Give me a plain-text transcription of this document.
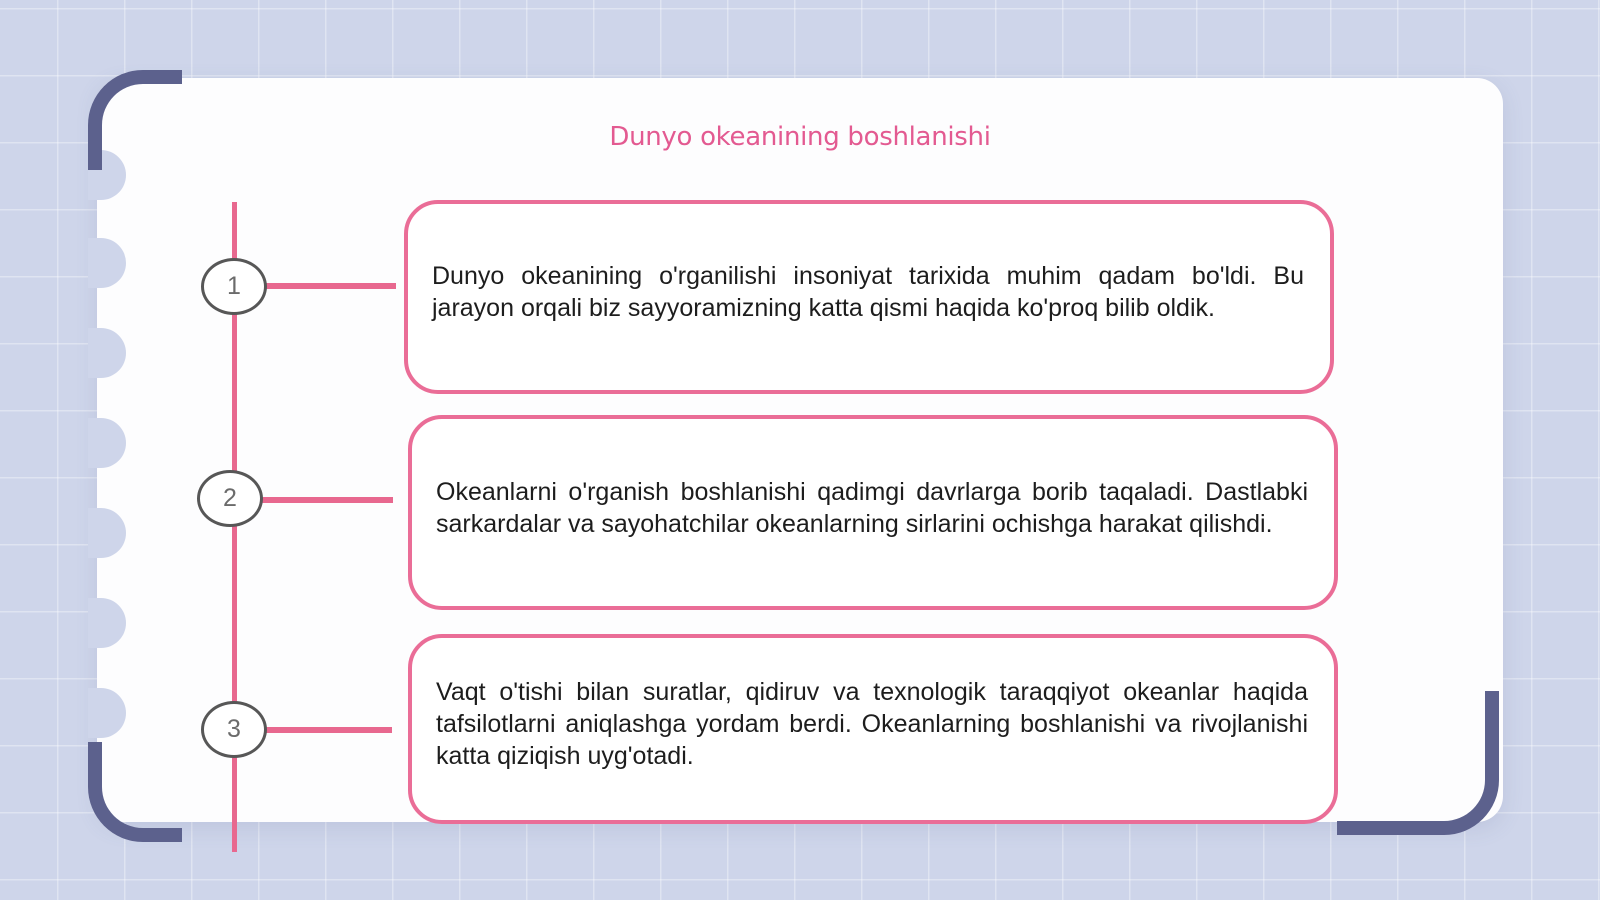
Dunyo okeanining boshlanishi
1	Dunyo okeanining o'rganilishi insoniyat tarixida muhim qadam bo'ldi. Bu jarayon orqali biz sayyoramizning katta qismi haqida ko'proq bilib oldik.

2	Okeanlarni o'rganish boshlanishi qadimgi davrlarga borib taqaladi. Dastlabki sarkardalar va sayohatchilar okeanlarning sirlarini ochishga harakat qilishdi.

3

Vaqt o'tishi bilan suratlar, qidiruv va texnologik taraqqiyot okeanlar haqida tafsilotlarni aniqlashga yordam berdi. Okeanlarning boshlanishi va rivojlanishi katta qiziqish uyg'otadi.
